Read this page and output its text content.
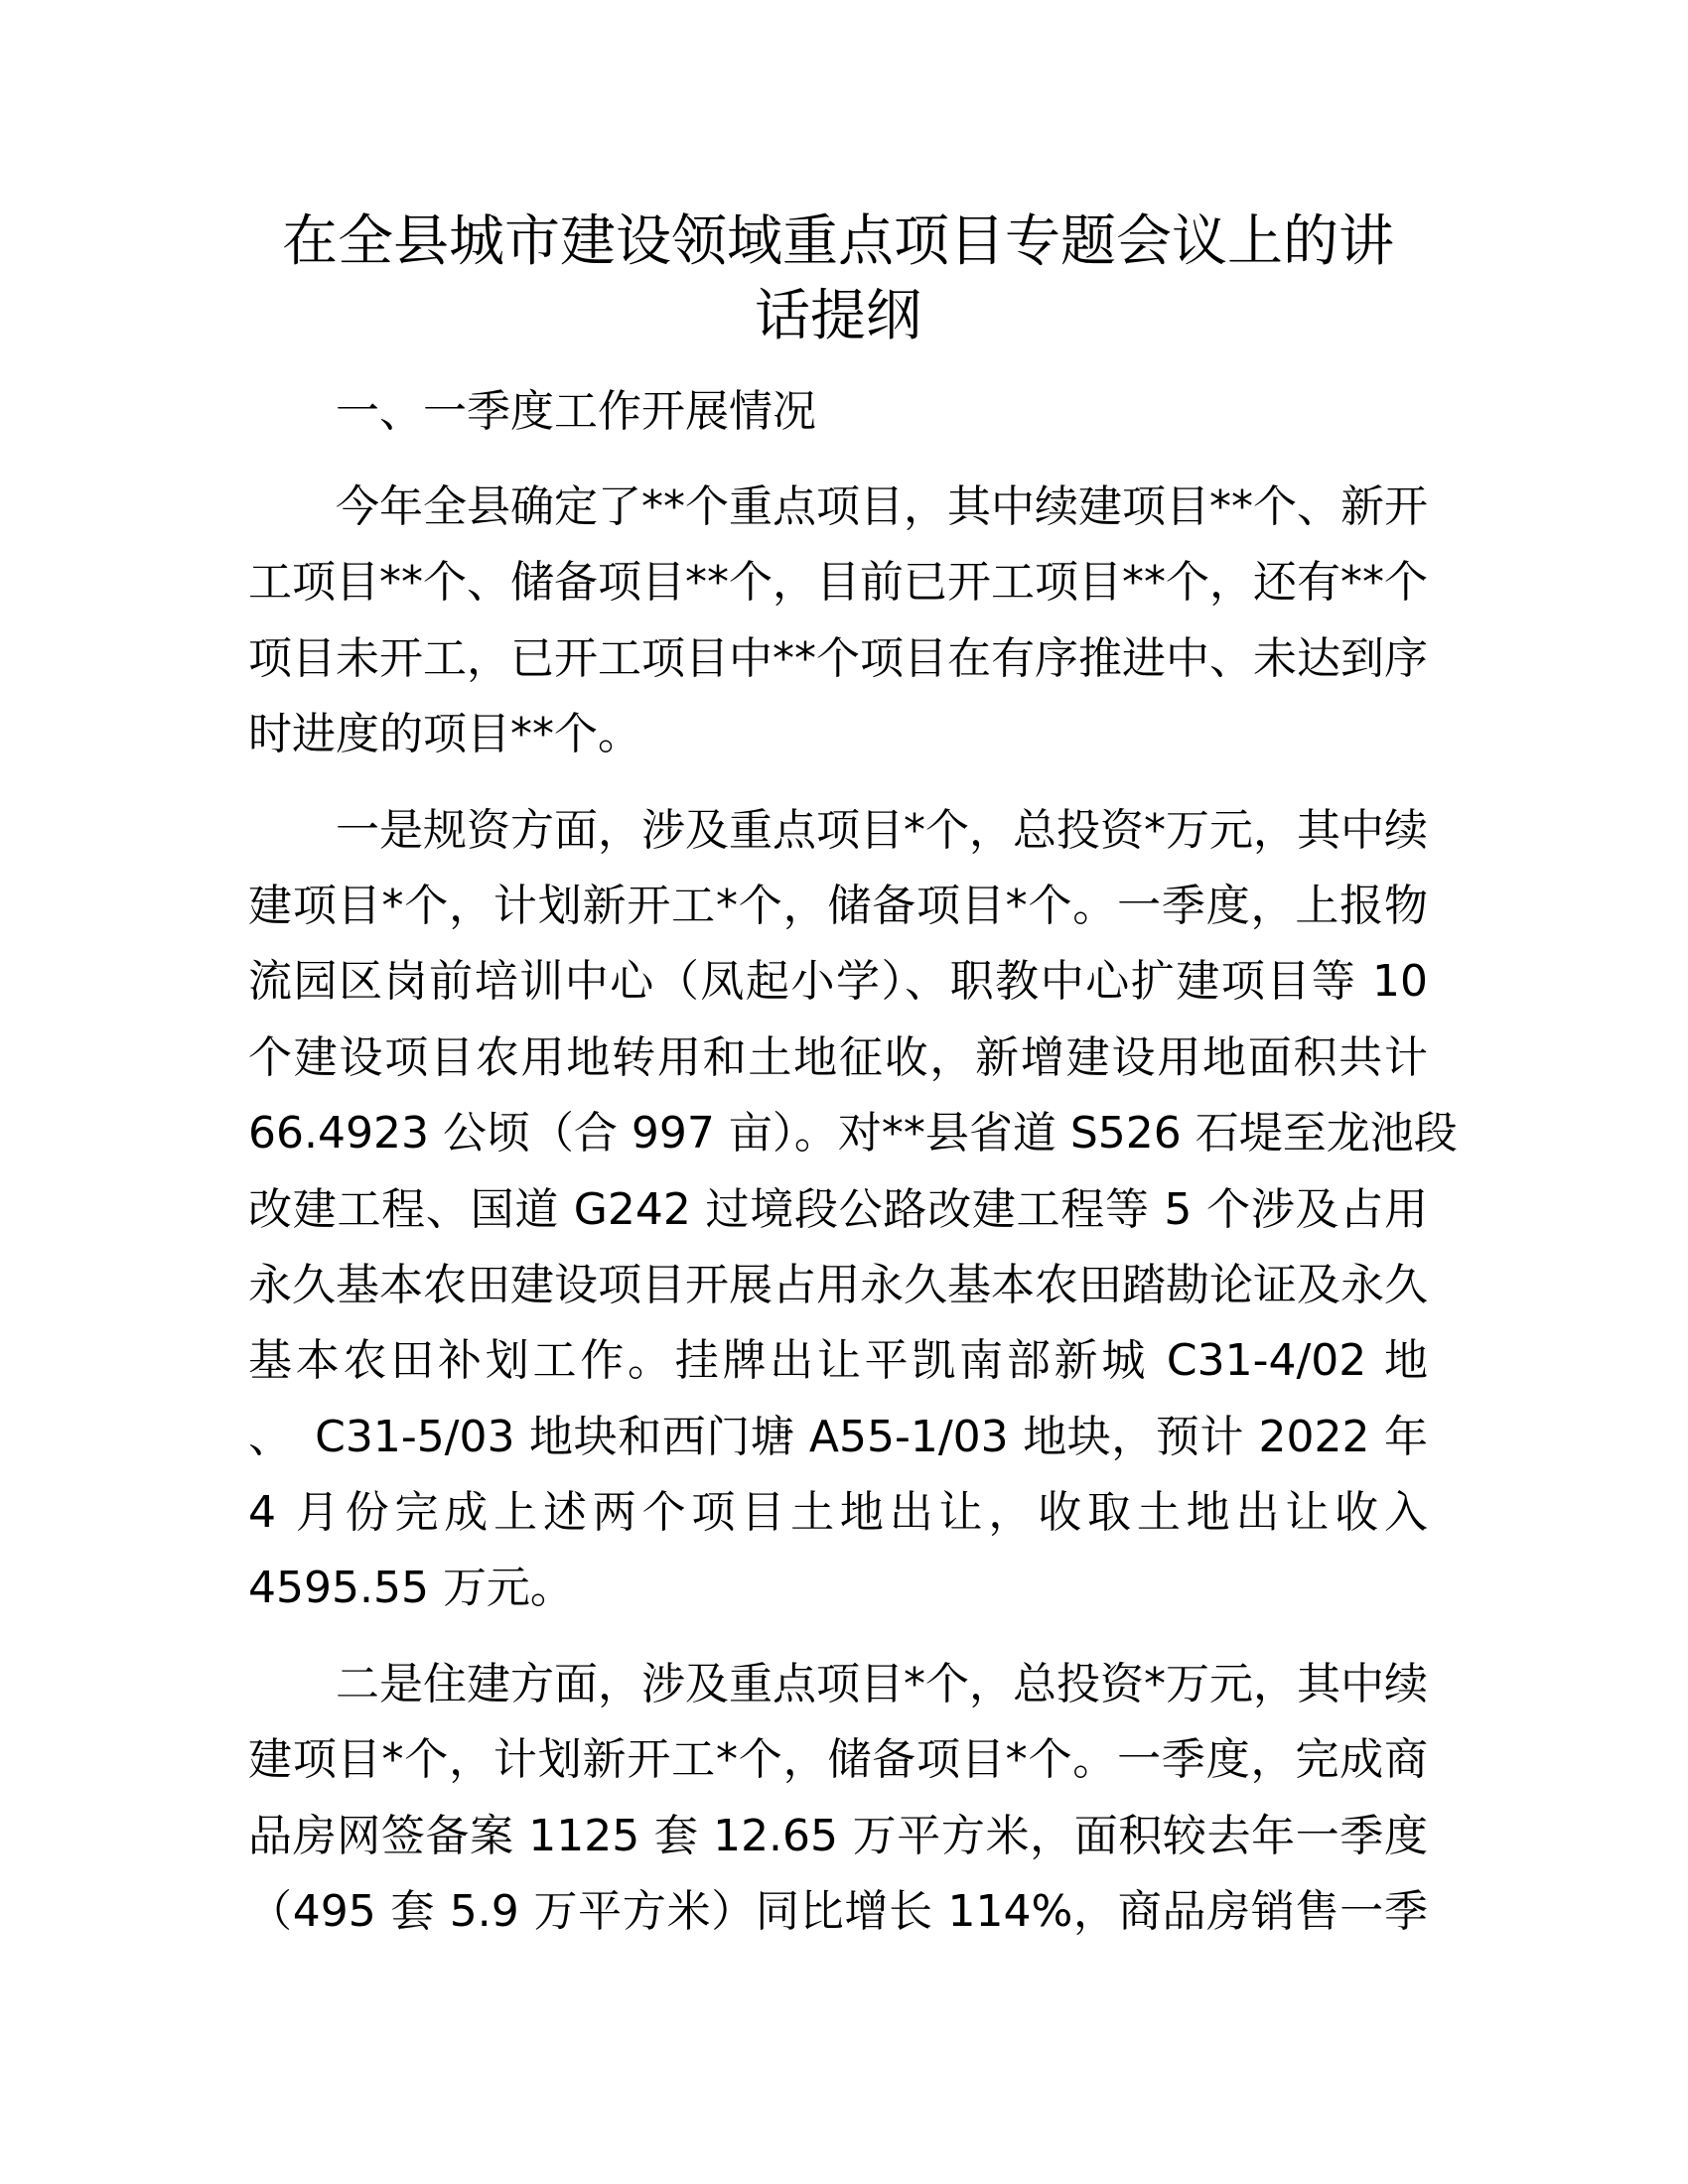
在全县城市建设领域重点项目专题会议上的讲
话提纲
一、一季度工作开展情况
今年全县确定了**个重点项目，其中续建项目**个、新开
工项目**个、储备项目**个，目前已开工项目**个，还有**个
项目未开工，已开工项目中**个项目在有序推进中、未达到序
时进度的项目**个。
一是规资方面，涉及重点项目*个，总投资*万元，其中续
建项目*个，计划新开工*个，储备项目*个。一季度，上报物
流园区岗前培训中心（凤起小学）、职教中心扩建项目等 10
个建设项目农用地转用和土地征收，新增建设用地面积共计
66.4923 公顷（合 997 亩）。对**县省道 S526 石堤至龙池段
改建工程、国道 G242 过境段公路改建工程等 5 个涉及占用
永久基本农田建设项目开展占用永久基本农田踏勘论证及永久
基本农田补划工作。挂牌出让平凯南部新城 C31-4/02 地
、　C31-5/03 地块和西门塘 A55-1/03 地块，预计 2022 年
4 月份完成上述两个项目土地出让，收取土地出让收入
4595.55 万元。
二是住建方面，涉及重点项目*个，总投资*万元，其中续
建项目*个，计划新开工*个，储备项目*个。一季度，完成商
品房网签备案 1125 套 12.65 万平方米，面积较去年一季度
（495 套 5.9 万平方米）同比增长 114%，商品房销售一季
